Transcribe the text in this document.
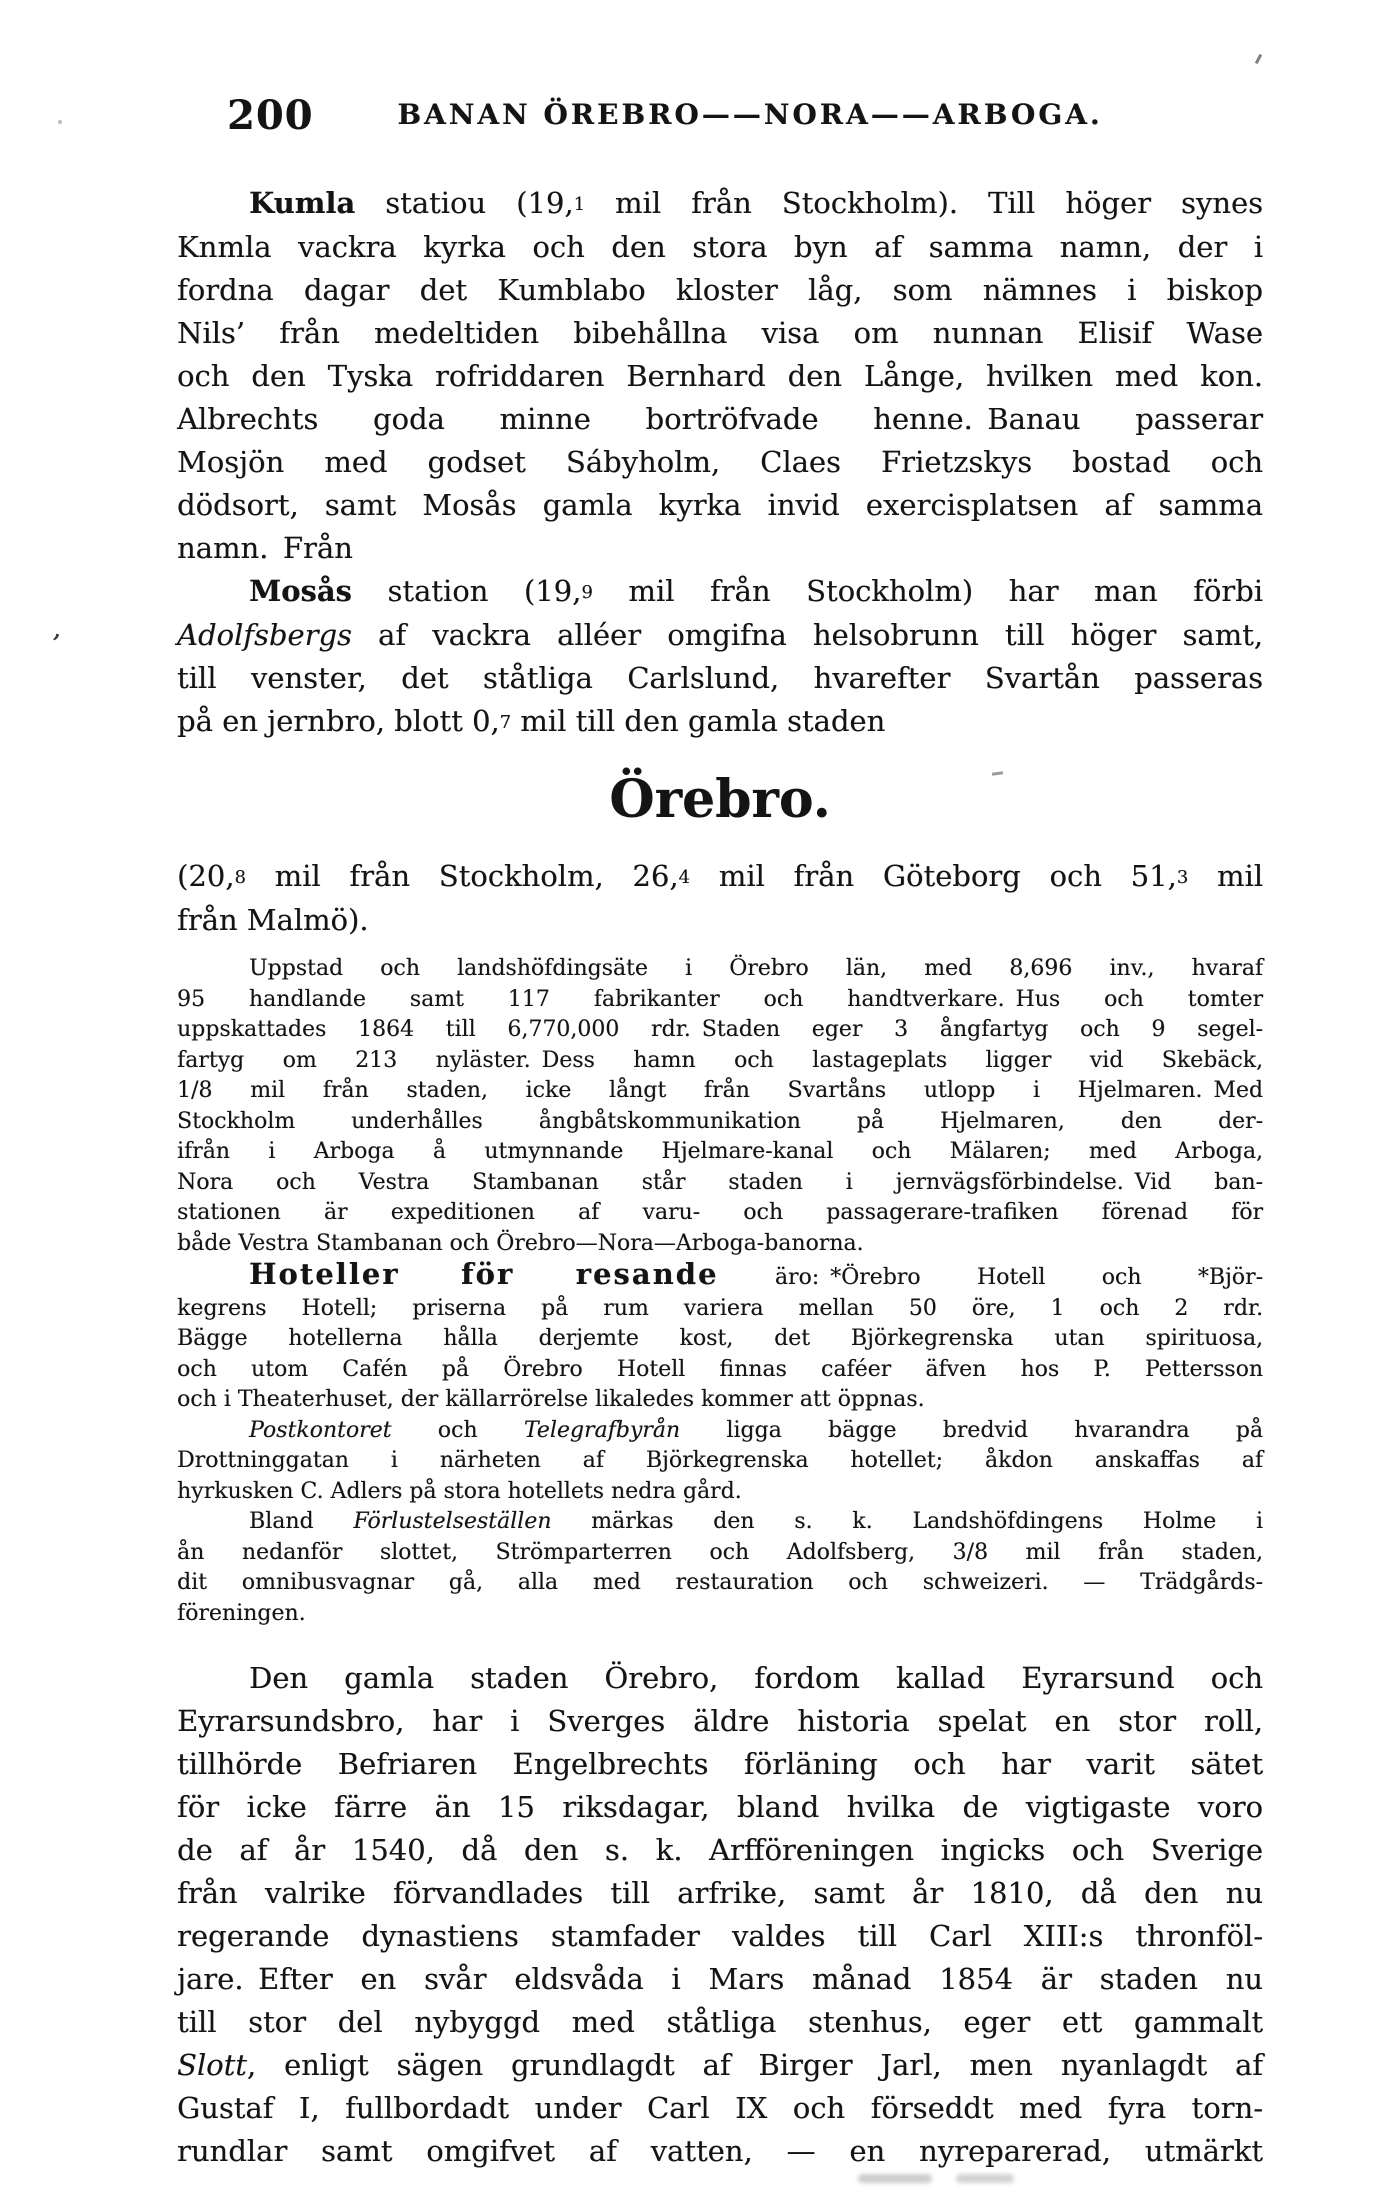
200	BANAN ÖREBRO——NORA——ARBOGA.
Kumla statiou (19,1 mil från Stockholm). Till höger synes
Knmla vackra kyrka och den stora byn af samma namn, der i
fordna dagar det Kumblabo kloster låg, som nämnes i biskop
Nils’ från medeltiden bibehållna visa om nunnan Elisif Wase
och den Tyska rofriddaren Bernhard den Långe, hvilken med kon.
Albrechts goda minne bortröfvade henne. Banau passerar
Mosjön med godset Sábyholm, Claes Frietzskys bostad och
dödsort, samt Mosås gamla kyrka invid exercisplatsen af samma
namn. Från
Mosås station (19,9 mil från Stockholm) har man förbi
Adolfsbergs af vackra alléer omgifna helsobrunn till höger samt,
till venster, det ståtliga Carlslund, hvarefter Svartån passeras
på en jernbro, blott 0,7 mil till den gamla staden
Örebro.
(20,8 mil från Stockholm, 26,4 mil från Göteborg och 51,3 mil
från Malmö).
Uppstad och landshöfdingsäte i Örebro län, med 8,696 inv., hvaraf
95 handlande samt 117 fabrikanter och handtverkare. Hus och tomter
uppskattades 1864 till 6,770,000 rdr. Staden eger 3 ångfartyg och 9 segel-
fartyg om 213 nyläster. Dess hamn och lastageplats ligger vid Skebäck,
1/8 mil från staden, icke långt från Svartåns utlopp i Hjelmaren. Med
Stockholm underhålles ångbåtskommunikation på Hjelmaren, den der-
ifrån i Arboga å utmynnande Hjelmare-kanal och Mälaren; med Arboga,
Nora och Vestra Stambanan står staden i jernvägsförbindelse. Vid ban-
stationen är expeditionen af varu- och passagerare-trafiken förenad för
både Vestra Stambanan och Örebro—Nora—Arboga-banorna.
Hoteller för resande äro: *Örebro Hotell och *Björ-
kegrens Hotell; priserna på rum variera mellan 50 öre, 1 och 2 rdr.
Bägge hotellerna hålla derjemte kost, det Björkegrenska utan spirituosa,
och utom Cafén på Örebro Hotell finnas caféer äfven hos P. Pettersson
och i Theaterhuset, der källarrörelse likaledes kommer att öppnas.
Postkontoret och Telegrafbyrån ligga bägge bredvid hvarandra på
Drottninggatan i närheten af Björkegrenska hotellet; åkdon anskaffas af
hyrkusken C. Adlers på stora hotellets nedra gård.
Bland Förlustelseställen märkas den s. k. Landshöfdingens Holme i
ån nedanför slottet, Strömparterren och Adolfsberg, 3/8 mil från staden,
dit omnibusvagnar gå, alla med restauration och schweizeri. — Trädgårds-
föreningen.
Den gamla staden Örebro, fordom kallad Eyrarsund och
Eyrarsundsbro, har i Sverges äldre historia spelat en stor roll,
tillhörde Befriaren Engelbrechts förläning och har varit sätet
för icke färre än 15 riksdagar, bland hvilka de vigtigaste voro
de af år 1540, då den s. k. Arfföreningen ingicks och Sverige
från valrike förvandlades till arfrike, samt år 1810, då den nu
regerande dynastiens stamfader valdes till Carl XIII:s thronföl-
jare. Efter en svår eldsvåda i Mars månad 1854 är staden nu
till stor del nybyggd med ståtliga stenhus, eger ett gammalt
Slott, enligt sägen grundlagdt af Birger Jarl, men nyanlagdt af
Gustaf I, fullbordadt under Carl IX och förseddt med fyra torn-
rundlar samt omgifvet af vatten, — en nyreparerad, utmärkt
’
